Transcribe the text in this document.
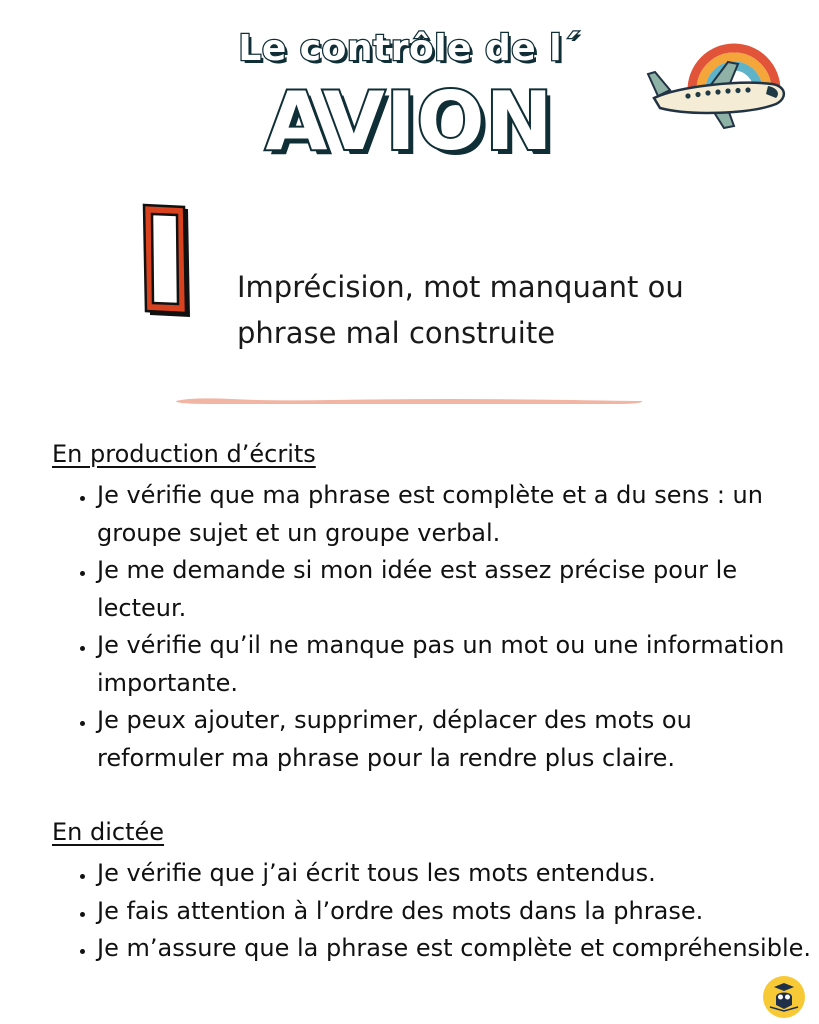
Le contrôle de l´
AVION
Imprécision, mot manquant ou phrase mal construite
En production d’écrits
• Je vérifie que ma phrase est complète et a du sens : un groupe sujet et un groupe verbal.
• Je me demande si mon idée est assez précise pour le lecteur.
• Je vérifie qu’il ne manque pas un mot ou une information importante.
• Je peux ajouter, supprimer, déplacer des mots ou reformuler ma phrase pour la rendre plus claire.
En dictée
• Je vérifie que j’ai écrit tous les mots entendus.
• Je fais attention à l’ordre des mots dans la phrase.
• Je m’assure que la phrase est complète et compréhensible.
